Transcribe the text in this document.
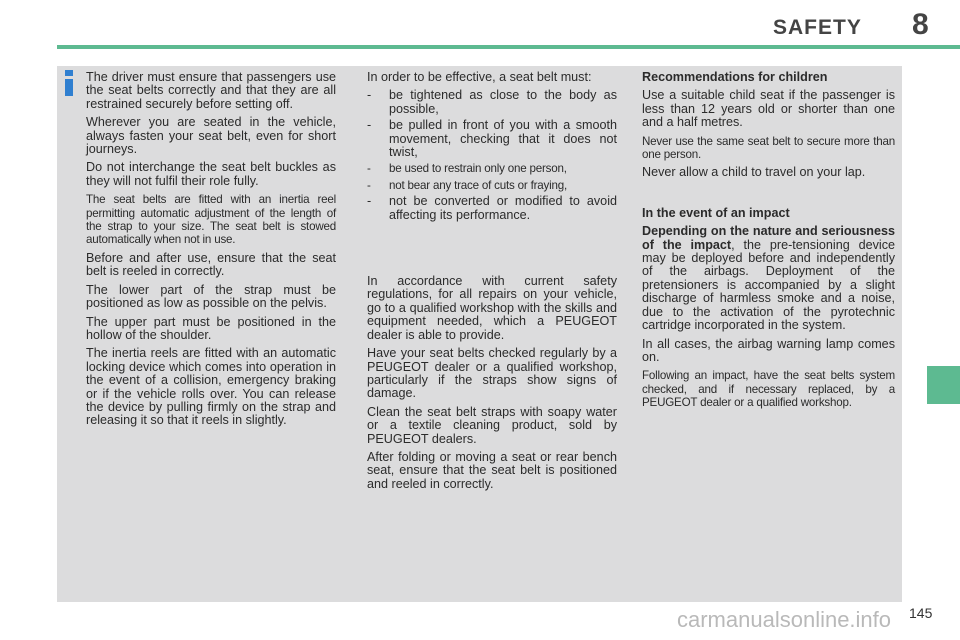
SAFETY 8

The driver must ensure that passengers use the seat belts correctly and that they are all restrained securely before setting off.

Wherever you are seated in the vehicle, always fasten your seat belt, even for short journeys.

Do not interchange the seat belt buckles as they will not fulfil their role fully.

The seat belts are fitted with an inertia reel permitting automatic adjustment of the length of the strap to your size. The seat belt is stowed automatically when not in use.

Before and after use, ensure that the seat belt is reeled in correctly.

The lower part of the strap must be positioned as low as possible on the pelvis.

The upper part must be positioned in the hollow of the shoulder.

The inertia reels are fitted with an automatic locking device which comes into operation in the event of a collision, emergency braking or if the vehicle rolls over. You can release the device by pulling firmly on the strap and releasing it so that it reels in slightly.

In order to be effective, a seat belt must:

- be tightened as close to the body as possible,
- be pulled in front of you with a smooth movement, checking that it does not twist,
- be used to restrain only one person,
- not bear any trace of cuts or fraying,
- not be converted or modified to avoid affecting its performance.

In accordance with current safety regulations, for all repairs on your vehicle, go to a qualified workshop with the skills and equipment needed, which a PEUGEOT dealer is able to provide.

Have your seat belts checked regularly by a PEUGEOT dealer or a qualified workshop, particularly if the straps show signs of damage.

Clean the seat belt straps with soapy water or a textile cleaning product, sold by PEUGEOT dealers.

After folding or moving a seat or rear bench seat, ensure that the seat belt is positioned and reeled in correctly.

Recommendations for children

Use a suitable child seat if the passenger is less than 12 years old or shorter than one and a half metres.

Never use the same seat belt to secure more than one person.

Never allow a child to travel on your lap.

In the event of an impact

Depending on the nature and seriousness of the impact, the pre-tensioning device may be deployed before and independently of the airbags. Deployment of the pretensioners is accompanied by a slight discharge of harmless smoke and a noise, due to the activation of the pyrotechnic cartridge incorporated in the system.

In all cases, the airbag warning lamp comes on.

Following an impact, have the seat belts system checked, and if necessary replaced, by a PEUGEOT dealer or a qualified workshop.

145
carmanualsonline.info
